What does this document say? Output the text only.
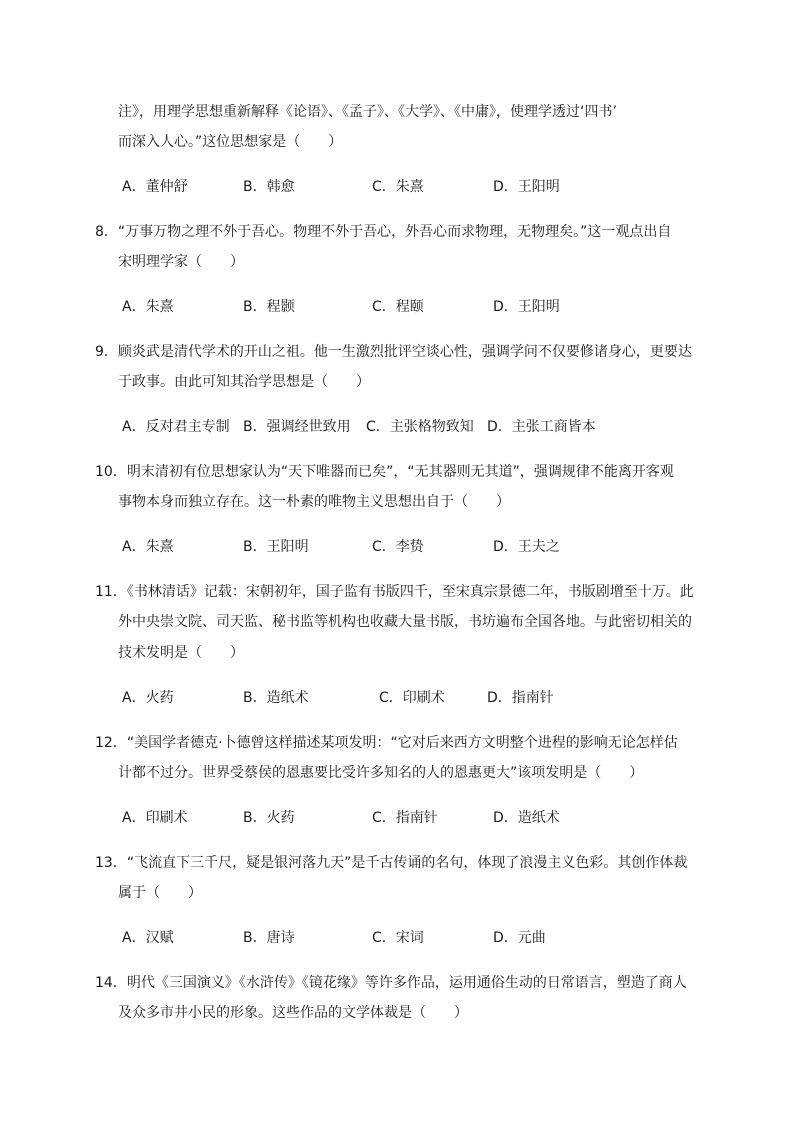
注》，用理学思想重新解释《论语》、《孟子》、《大学》、《中庸》，使理学透过‘四书’
而深入人心。”这位思想家是（　　）
A．董仲舒	B．韩愈	C．朱熹	D．王阳明
8．“万事万物之理不外于吾心。物理不外于吾心，外吾心而求物理，无物理矣。”这一观点出自
宋明理学家（　　）
A．朱熹	B．程颢	C．程颐	D．王阳明
9．顾炎武是清代学术的开山之祖。他一生激烈批评空谈心性，强调学问不仅要修诸身心，更要达
于政事。由此可知其治学思想是（　　）
A．反对君主专制 B．强调经世致用 C．主张格物致知 D．主张工商皆本
10．明末清初有位思想家认为“天下唯器而已矣”，“无其器则无其道”，强调规律不能离开客观
事物本身而独立存在。这一朴素的唯物主义思想出自于（　　）
A．朱熹	B．王阳明	C．李贽	D．王夫之
11．《书林清话》记载：宋朝初年，国子监有书版四千，至宋真宗景德二年，书版剧增至十万。此
外中央崇文院、司天监、秘书监等机构也收藏大量书版，书坊遍布全国各地。与此密切相关的
技术发明是（　　）
A．火药	B．造纸术	C．印刷术	D．指南针
12．“美国学者德克·卜德曾这样描述某项发明：“它对后来西方文明整个进程的影响无论怎样估
计都不过分。世界受蔡侯的恩惠要比受许多知名的人的恩惠更大”该项发明是（　　）
A．印刷术	B．火药	C．指南针	D．造纸术
13．“飞流直下三千尺，疑是银河落九天”是千古传诵的名句，体现了浪漫主义色彩。其创作体裁
属于（　　）
A．汉赋	B．唐诗	C．宋词	D．元曲
14．明代《三国演义》《水浒传》《镜花缘》等许多作品，运用通俗生动的日常语言，塑造了商人
及众多市井小民的形象。这些作品的文学体裁是（　　）
